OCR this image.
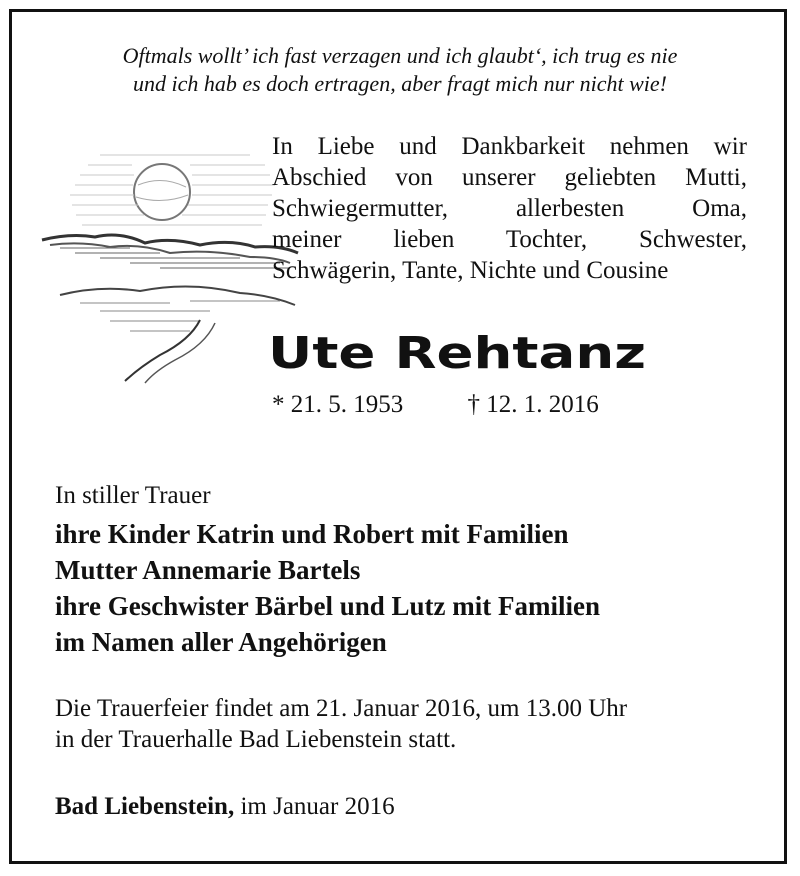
Oftmals wollt’ ich fast verzagen und ich glaubt‘, ich trug es nie
und ich hab es doch ertragen, aber fragt mich nur nicht wie!
In Liebe und Dankbarkeit nehmen wir
Abschied von unserer geliebten Mutti,
Schwiegermutter, allerbesten Oma,
meiner lieben Tochter, Schwester,
Schwägerin, Tante, Nichte und Cousine
Ute Rehtanz
* 21. 5. 1953	† 12. 1. 2016
In stiller Trauer
ihre Kinder Katrin und Robert mit Familien
Mutter Annemarie Bartels
ihre Geschwister Bärbel und Lutz mit Familien
im Namen aller Angehörigen
Die Trauerfeier findet am 21. Januar 2016, um 13.00 Uhr
in der Trauerhalle Bad Liebenstein statt.
Bad Liebenstein, im Januar 2016
